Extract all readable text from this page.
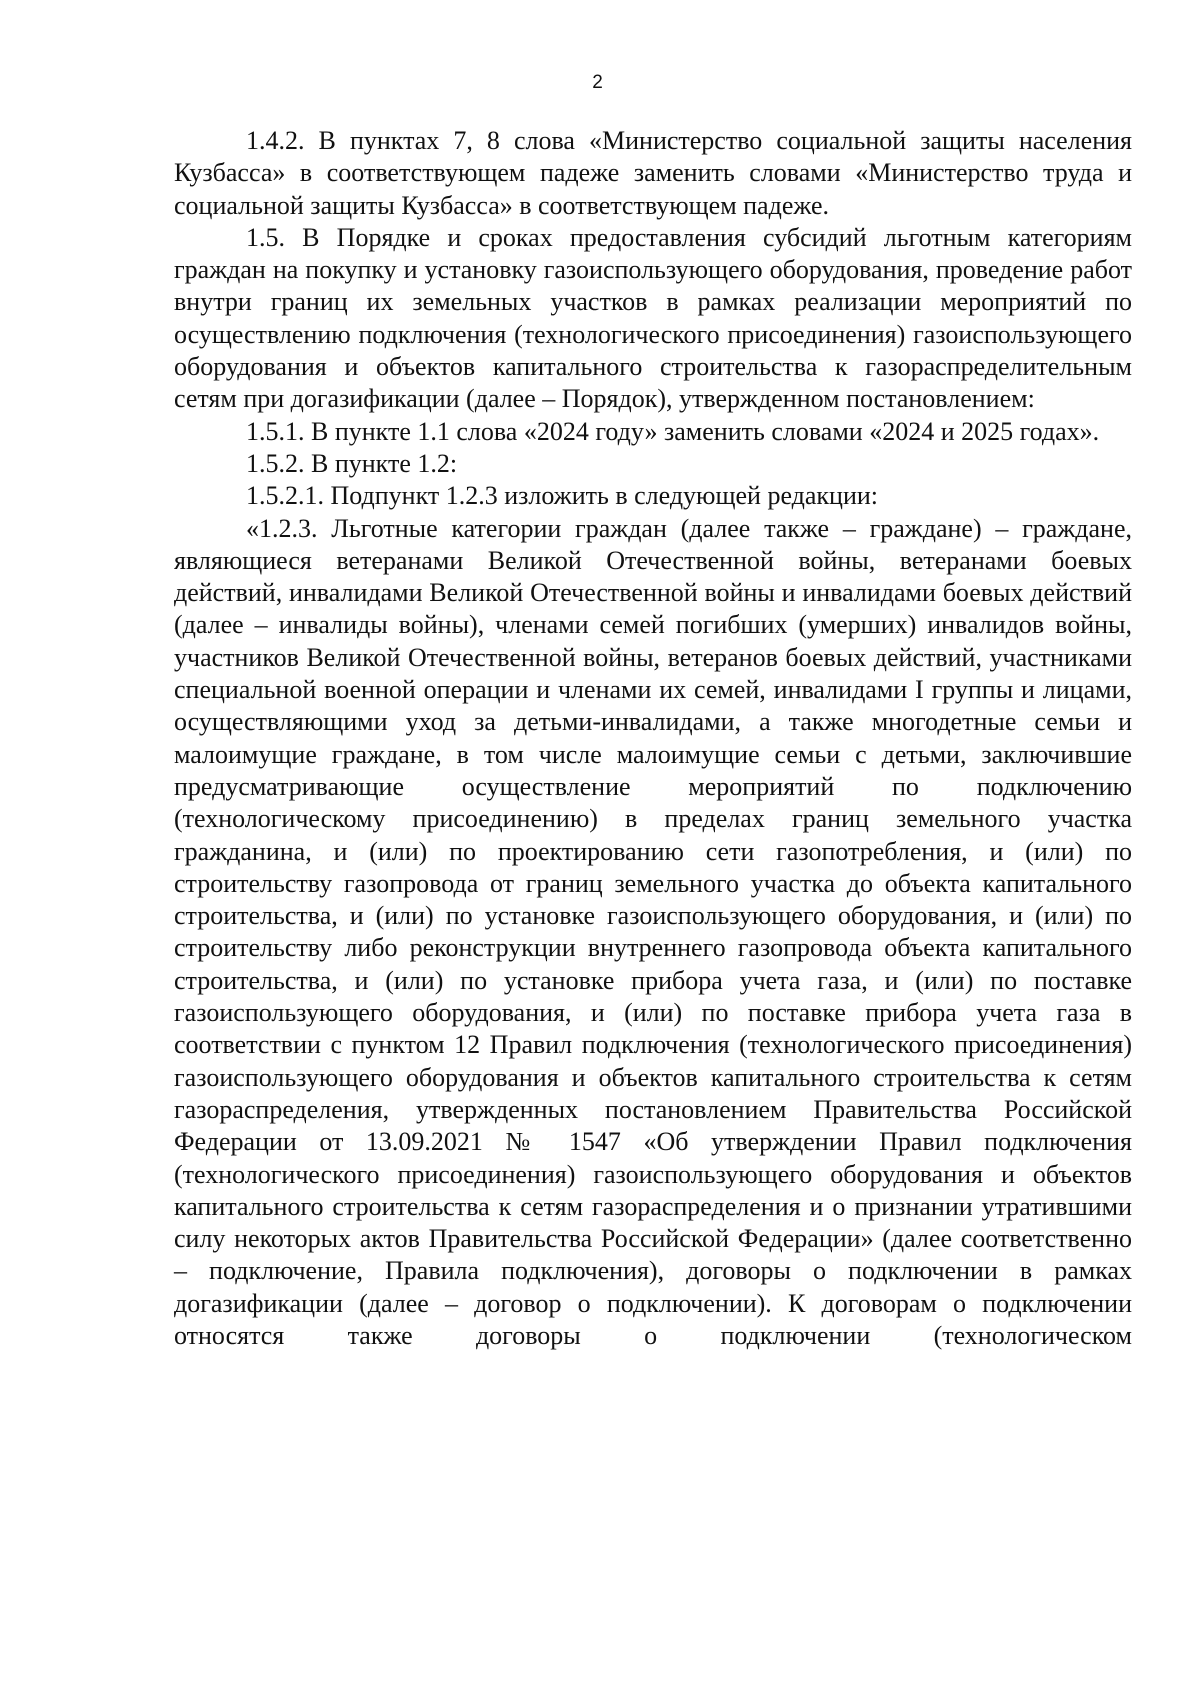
2

1.4.2. В пунктах 7, 8 слова «Министерство социальной защиты населения Кузбасса» в соответствующем падеже заменить словами «Министерство труда и социальной защиты Кузбасса» в соответствующем падеже.

1.5. В Порядке и сроках предоставления субсидий льготным категориям граждан на покупку и установку газоиспользующего оборудования, проведение работ внутри границ их земельных участков в рамках реализации мероприятий по осуществлению подключения (технологического присоединения) газоиспользующего оборудования и объектов капитального строительства к газораспределительным сетям при догазификации (далее – Порядок), утвержденном постановлением:

1.5.1. В пункте 1.1 слова «2024 году» заменить словами «2024 и 2025 годах».

1.5.2. В пункте 1.2:

1.5.2.1. Подпункт 1.2.3 изложить в следующей редакции:

«1.2.3. Льготные категории граждан (далее также – граждане) – граждане, являющиеся ветеранами Великой Отечественной войны, ветеранами боевых действий, инвалидами Великой Отечественной войны и инвалидами боевых действий (далее – инвалиды войны), членами семей погибших (умерших) инвалидов войны, участников Великой Отечественной войны, ветеранов боевых действий, участниками специальной военной операции и членами их семей, инвалидами I группы и лицами, осуществляющими уход за детьми-инвалидами, а также многодетные семьи и малоимущие граждане, в том числе малоимущие семьи с детьми, заключившие предусматривающие осуществление мероприятий по подключению (технологическому присоединению) в пределах границ земельного участка гражданина, и (или) по проектированию сети газопотребления, и (или) по строительству газопровода от границ земельного участка до объекта капитального строительства, и (или) по установке газоиспользующего оборудования, и (или) по строительству либо реконструкции внутреннего газопровода объекта капитального строительства, и (или) по установке прибора учета газа, и (или) по поставке газоиспользующего оборудования, и (или) по поставке прибора учета газа в соответствии с пунктом 12 Правил подключения (технологического присоединения) газоиспользующего оборудования и объектов капитального строительства к сетям газораспределения, утвержденных постановлением Правительства Российской Федерации от 13.09.2021 № 1547 «Об утверждении Правил подключения (технологического присоединения) газоиспользующего оборудования и объектов капитального строительства к сетям газораспределения и о признании утратившими силу некоторых актов Правительства Российской Федерации» (далее соответственно – подключение, Правила подключения), договоры о подключении в рамках догазификации (далее – договор о подключении). К договорам о подключении относятся также договоры о подключении (технологическом
